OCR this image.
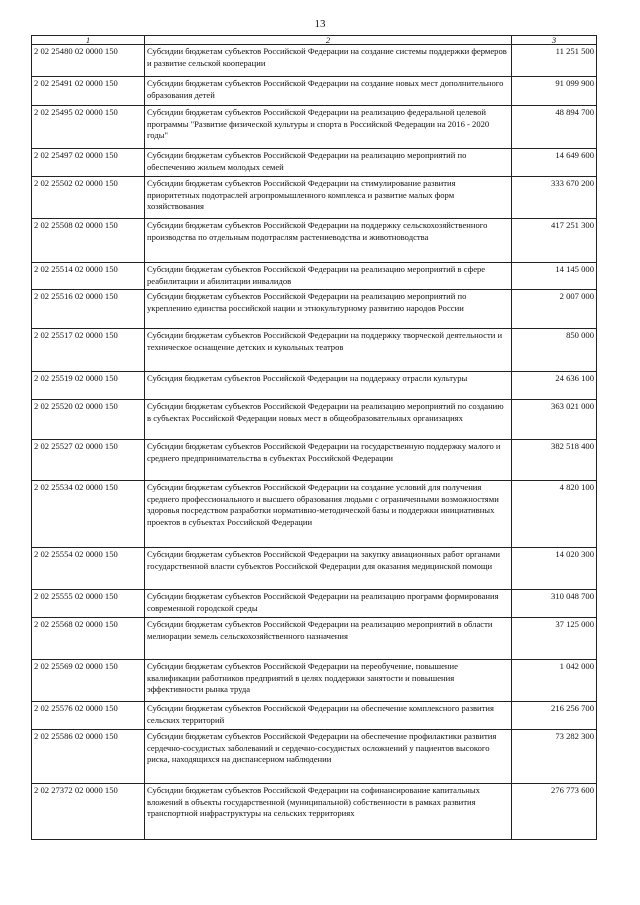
13
1	2	3
2 02 25480 02 0000 150	Субсидии бюджетам субъектов Российской Федерации на создание системы поддержки фермеров и развитие сельской кооперации	11 251 500
2 02 25491 02 0000 150	Субсидии бюджетам субъектов Российской Федерации на создание новых мест дополнительного образования детей	91 099 900
2 02 25495 02 0000 150	Субсидии бюджетам субъектов Российской Федерации на реализацию федеральной целевой программы "Развитие физической культуры и спорта в Российской Федерации на 2016 - 2020 годы"	48 894 700
2 02 25497 02 0000 150	Субсидии бюджетам субъектов Российской Федерации на реализацию мероприятий по обеспечению жильем молодых семей	14 649 600
2 02 25502 02 0000 150	Субсидии бюджетам субъектов Российской Федерации на стимулирование развития приоритетных подотраслей агропромышленного комплекса и развитие малых форм хозяйствования	333 670 200
2 02 25508 02 0000 150	Субсидии бюджетам субъектов Российской Федерации на поддержку сельскохозяйственного производства по отдельным подотраслям растениеводства и животноводства	417 251 300
2 02 25514 02 0000 150	Субсидии бюджетам субъектов Российской Федерации на реализацию мероприятий в сфере реабилитации и абилитации инвалидов	14 145 000
2 02 25516 02 0000 150	Субсидии бюджетам субъектов Российской Федерации на реализацию мероприятий по укреплению единства российской нации и этнокультурному развитию народов России	2 007 000
2 02 25517 02 0000 150	Субсидии бюджетам субъектов Российской Федерации на поддержку творческой деятельности и техническое оснащение детских и кукольных театров	850 000
2 02 25519 02 0000 150	Субсидия бюджетам субъектов Российской Федерации на поддержку отрасли культуры	24 636 100
2 02 25520 02 0000 150	Субсидии бюджетам субъектов Российской Федерации на реализацию мероприятий по созданию в субъектах Российской Федерации новых мест в общеобразовательных организациях	363 021 000
2 02 25527 02 0000 150	Субсидии бюджетам субъектов Российской Федерации на государственную поддержку малого и среднего предпринимательства в субъектах Российской Федерации	382 518 400
2 02 25534 02 0000 150	Субсидии бюджетам субъектов Российской Федерации на создание условий для получения среднего профессионального и высшего образования людьми с ограниченными возможностями здоровья посредством разработки нормативно-методической базы и поддержки инициативных проектов в субъектах Российской Федерации	4 820 100
2 02 25554 02 0000 150	Субсидии бюджетам субъектов Российской Федерации на закупку авиационных работ органами государственной власти субъектов Российской Федерации для оказания медицинской помощи	14 020 300
2 02 25555 02 0000 150	Субсидии бюджетам субъектов Российской Федерации на реализацию программ формирования современной городской среды	310 048 700
2 02 25568 02 0000 150	Субсидии бюджетам субъектов Российской Федерации на реализацию мероприятий в области мелиорации земель сельскохозяйственного назначения	37 125 000
2 02 25569 02 0000 150	Субсидии бюджетам субъектов Российской Федерации на переобучение, повышение квалификации работников предприятий в целях поддержки занятости и повышения эффективности рынка труда	1 042 000
2 02 25576 02 0000 150	Субсидии бюджетам субъектов Российской Федерации на обеспечение комплексного развития сельских территорий	216 256 700
2 02 25586 02 0000 150	Субсидии бюджетам субъектов Российской Федерации на обеспечение профилактики развития сердечно-сосудистых заболеваний и сердечно-сосудистых осложнений у пациентов высокого риска, находящихся на диспансерном наблюдении	73 282 300
2 02 27372 02 0000 150	Субсидии бюджетам субъектов Российской Федерации на софинансирование капитальных вложений в объекты государственной (муниципальной) собственности в рамках развития транспортной инфраструктуры на сельских территориях	276 773 600
